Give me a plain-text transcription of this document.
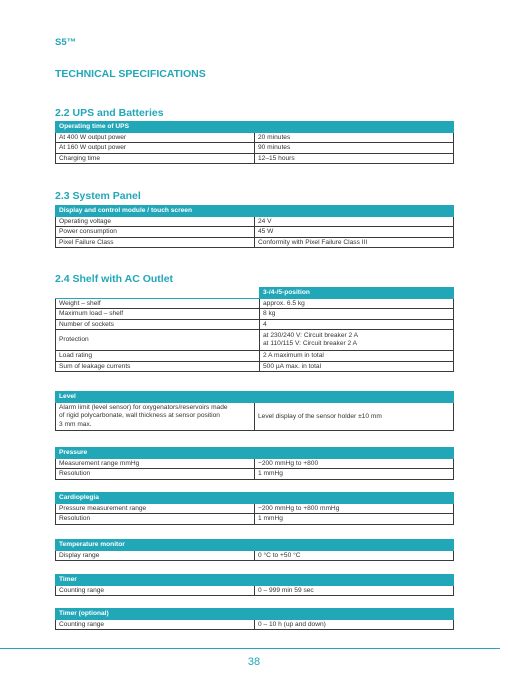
S5™
TECHNICAL SPECIFICATIONS
2.2 UPS and Batteries
Operating time of UPS	
At 400 W output power	20 minutes
At 160 W output power	90 minutes
Charging time	12–15 hours
2.3 System Panel
Display and control module / touch screen	
Operating voltage	24 V
Power consumption	45 W
Pixel Failure Class	Conformity with Pixel Failure Class III
2.4 Shelf with AC Outlet
	3-/4-/5-position
Weight – shelf	approx. 6.5 kg
Maximum load – shelf	8 kg
Number of sockets	4
Protection	at 230/240 V: Circuit breaker 2 A
at 110/115 V: Circuit breaker 2 A

Load rating	2 A maximum in total
Sum of leakage currents	500 µA max. in total
Level

Alarm limit (level sensor) for oxygenators/reservoirs made
of rigid polycarbonate, wall thickness at sensor position
3 mm max.
	Level display of the sensor holder ±10 mm
Pressure	
Measurement range mmHg	−200 mmHg to +800
Resolution	1 mmHg
Cardioplegia	
Pressure measurement range	−200 mmHg to +800 mmHg
Resolution	1 mmHg
Temperature monitor
Display range	0 °C to +50 °C
Timer
Counting range	0 – 999 min 59 sec
Timer (optional)
Counting range	0 – 10 h (up and down)
38
